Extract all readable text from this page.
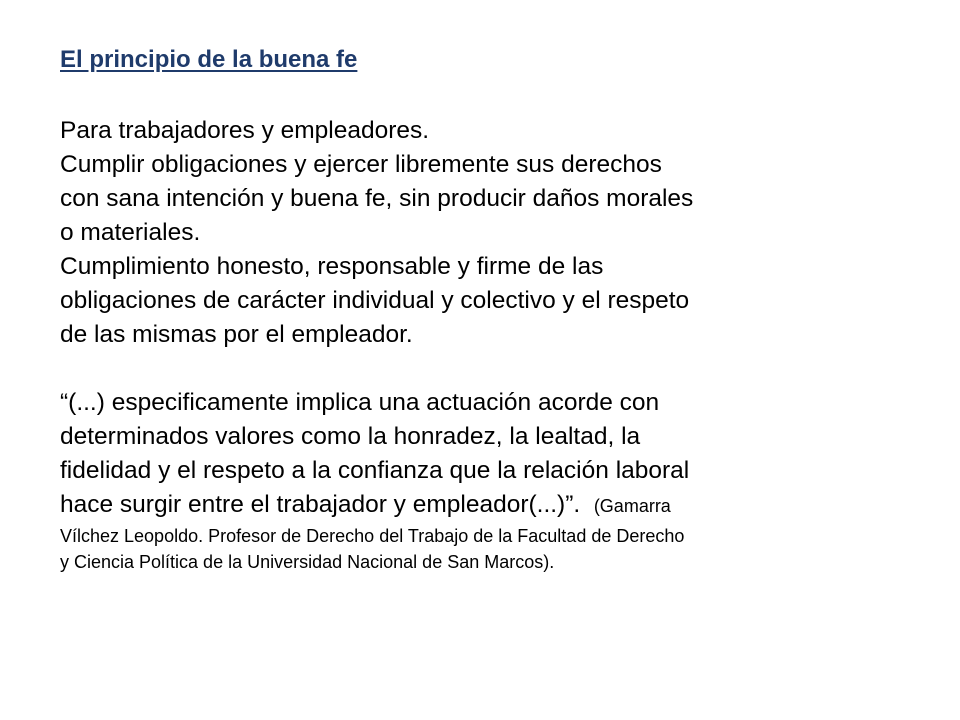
El principio de la buena fe

Para trabajadores y empleadores.

Cumplir obligaciones y ejercer libremente sus derechos

con sana intención y buena fe, sin producir daños morales

o materiales.

Cumplimiento honesto, responsable y firme de las

obligaciones de carácter individual y colectivo y el respeto

de las mismas por el empleador.

“(...) especificamente implica una actuación acorde con

determinados valores como la honradez, la lealtad, la

fidelidad y el respeto a la confianza que la relación laboral

hace surgir entre el trabajador y empleador(...)”. (Gamarra

Vílchez Leopoldo. Profesor de Derecho del Trabajo de la Facultad de Derecho

y Ciencia Política de la Universidad Nacional de San Marcos).
